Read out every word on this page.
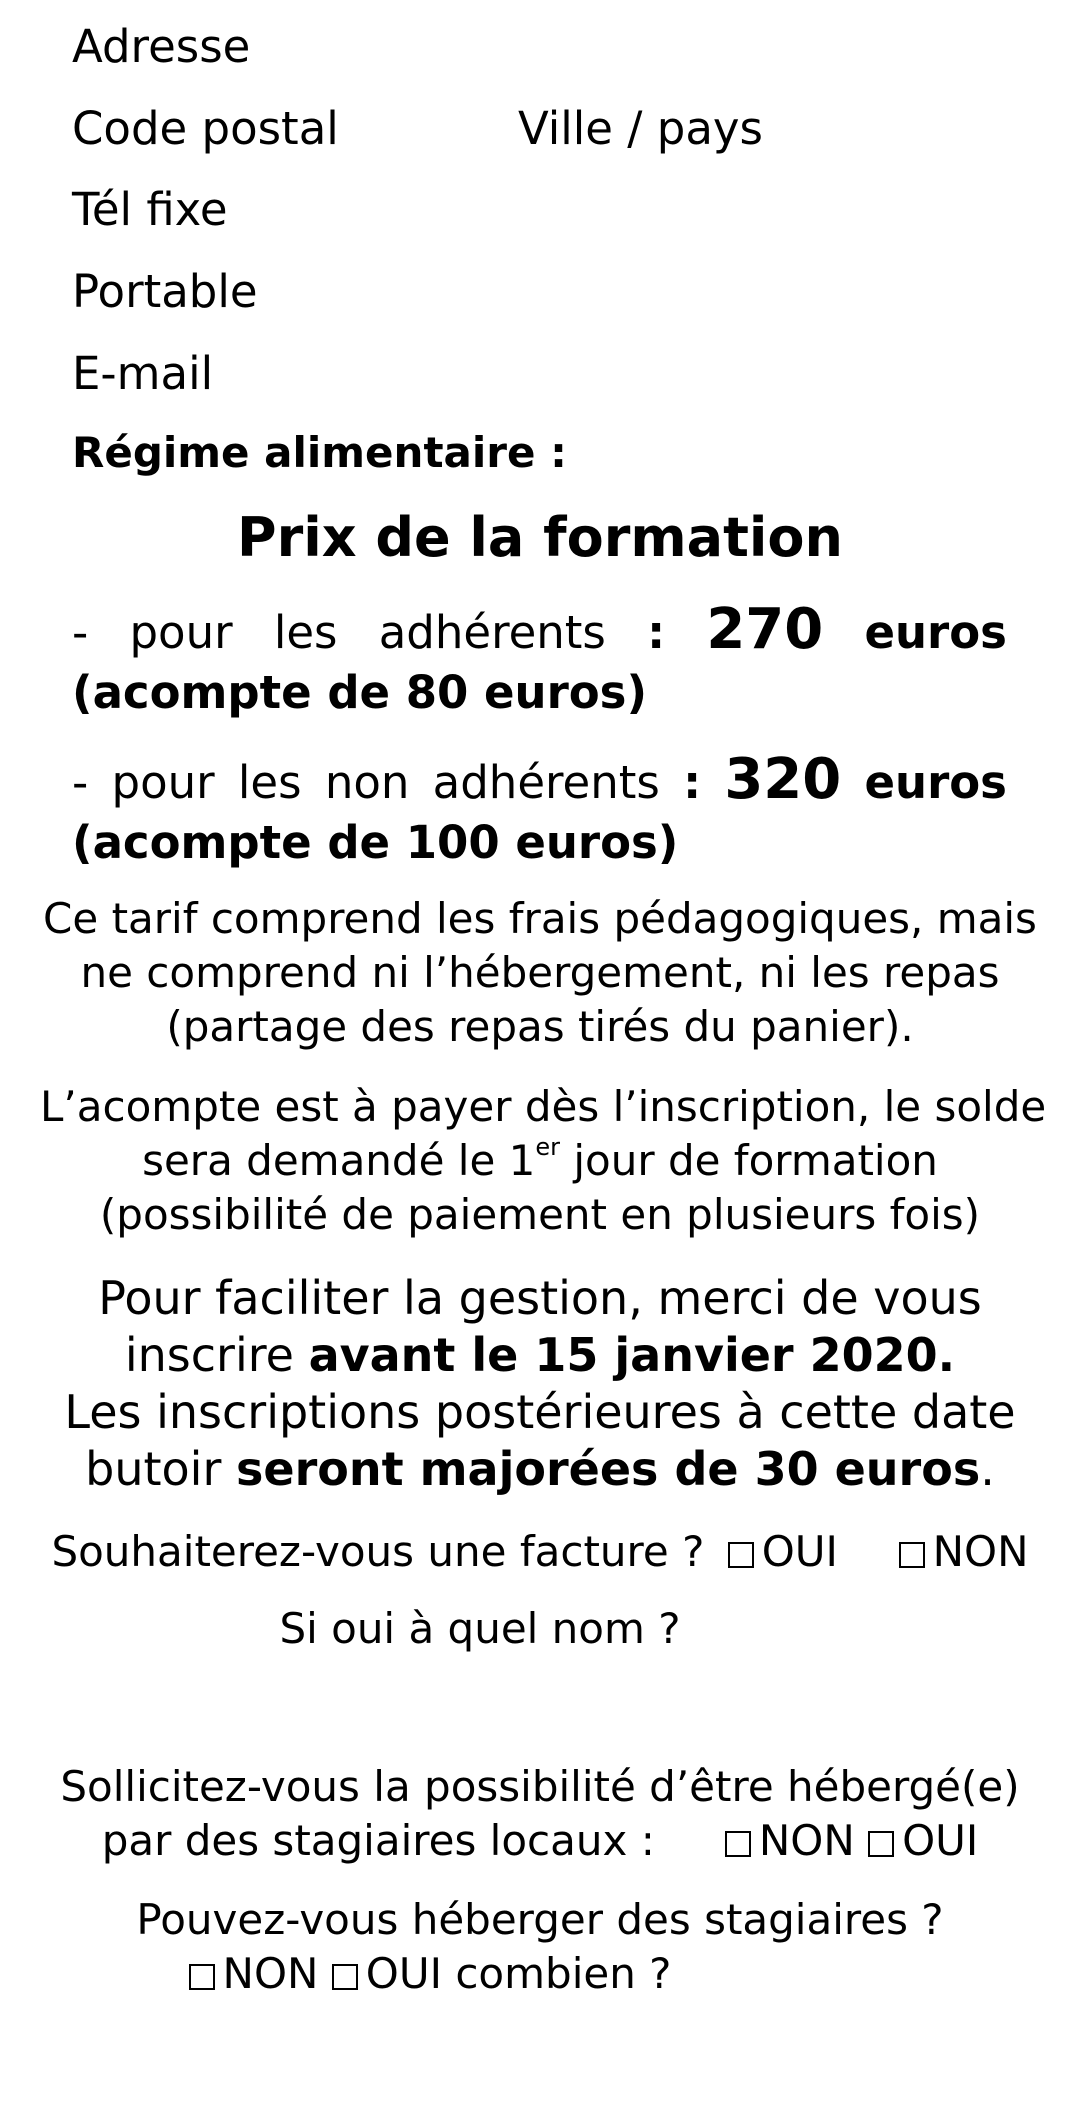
Adresse
Code postal	Ville / pays
Tél fixe
Portable
E-mail
Régime alimentaire :
Prix de la formation
- pour les adhérents : 270 euros
(acompte de 80 euros)
- pour les non adhérents : 320 euros
(acompte de 100 euros)
Ce tarif comprend les frais pédagogiques, mais
ne comprend ni l’hébergement, ni les repas
(partage des repas tirés du panier).
L’acompte est à payer dès l’inscription, le solde
sera demandé le 1er jour de formation
(possibilité de paiement en plusieurs fois)
Pour faciliter la gestion, merci de vous
inscrire avant le 15 janvier 2020.
Les inscriptions postérieures à cette date
butoir seront majorées de 30 euros.
Souhaiterez-vous une facture ? OUI NON
Si oui à quel nom ?
Sollicitez-vous la possibilité d’être hébergé(e)
par des stagiaires locaux : NON OUI
Pouvez-vous héberger des stagiaires ?
NON OUI combien ?
